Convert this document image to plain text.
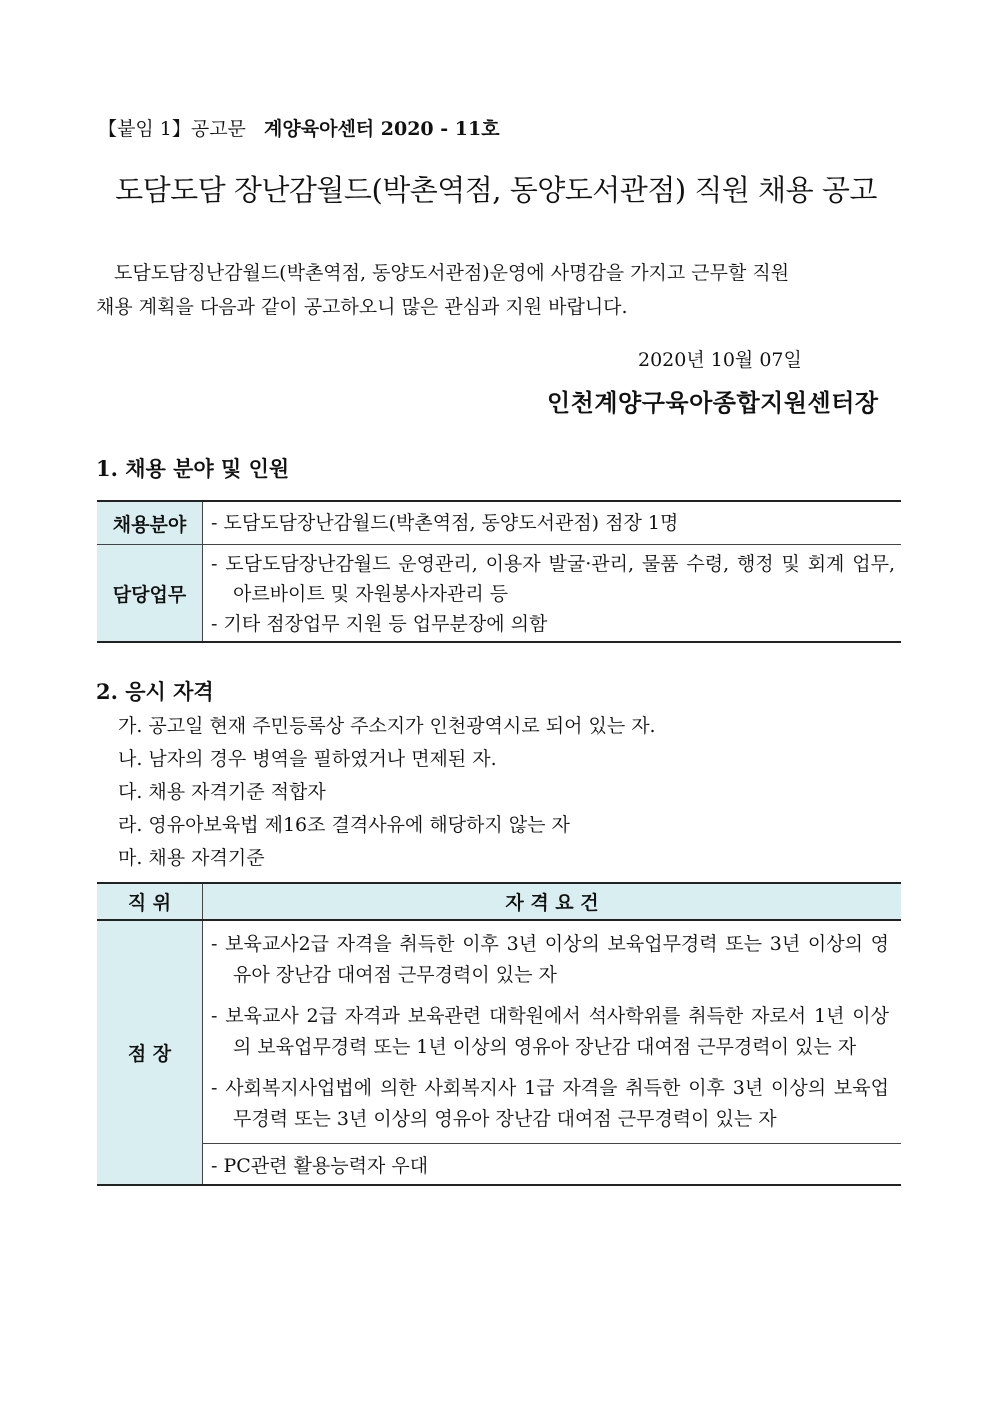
【붙임 1】공고문 계양육아센터 2020 - 11호
도담도담 장난감월드(박촌역점, 동양도서관점) 직원 채용 공고
도담도담징난감월드(박촌역점, 동양도서관점)운영에 사명감을 가지고 근무할 직원
채용 계획을 다음과 같이 공고하오니 많은 관심과 지원 바랍니다.
2020년 10월 07일
인천계양구육아종합지원센터장
1. 채용 분야 및 인원
채용분야	- 도담도담장난감월드(박촌역점, 동양도서관점) 점장 1명

담당업무	- 도담도담장난감월드 운영관리, 이용자 발굴·관리, 물품 수령, 행정 및 회계 업무, 아르바이트 및 자원봉사자관리 등
- 기타 점장업무 지원 등 업무분장에 의함
2. 응시 자격
가. 공고일 현재 주민등록상 주소지가 인천광역시로 되어 있는 자.
나. 남자의 경우 병역을 필하였거나 면제된 자.
다. 채용 자격기준 적합자
라. 영유아보육법 제16조 결격사유에 해당하지 않는 자
마. 채용 자격기준
직 위	자 격 요 건
점 장	- 보육교사2급 자격을 취득한 이후 3년 이상의 보육업무경력 또는 3년 이상의 영유아 장난감 대여점 근무경력이 있는 자
- 보육교사 2급 자격과 보육관련 대학원에서 석사학위를 취득한 자로서 1년 이상의 보육업무경력 또는 1년 이상의 영유아 장난감 대여점 근무경력이 있는 자
- 사회복지사업법에 의한 사회복지사 1급 자격을 취득한 이후 3년 이상의 보육업무경력 또는 3년 이상의 영유아 장난감 대여점 근무경력이 있는 자

	- PC관련 활용능력자 우대
